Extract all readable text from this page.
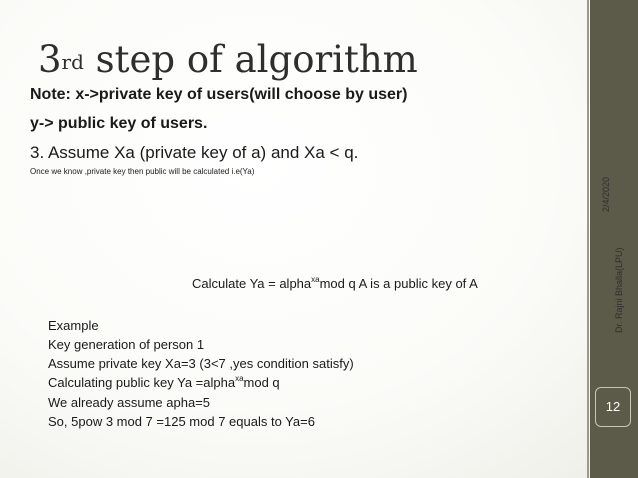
3rd step of algorithm
Note: x->private key of users(will choose by user)
y-> public key of users.
3. Assume Xa (private key of a) and Xa < q.
Once we know ,private key then public will be calculated i.e(Ya)
Calculate Ya = alpha$^{xa}$mod q A is a public key of A
Example
Key generation of person 1
Assume private key Xa=3 (3<7 ,yes condition satisfy)
Calculating public key Ya =alpha$^{xa}$mod q
We already assume apha=5
So, 5pow 3 mod 7 =125 mod 7 equals to Ya=6
2/4/2020
Dr. Rajni Bhalla(LPU)
12
